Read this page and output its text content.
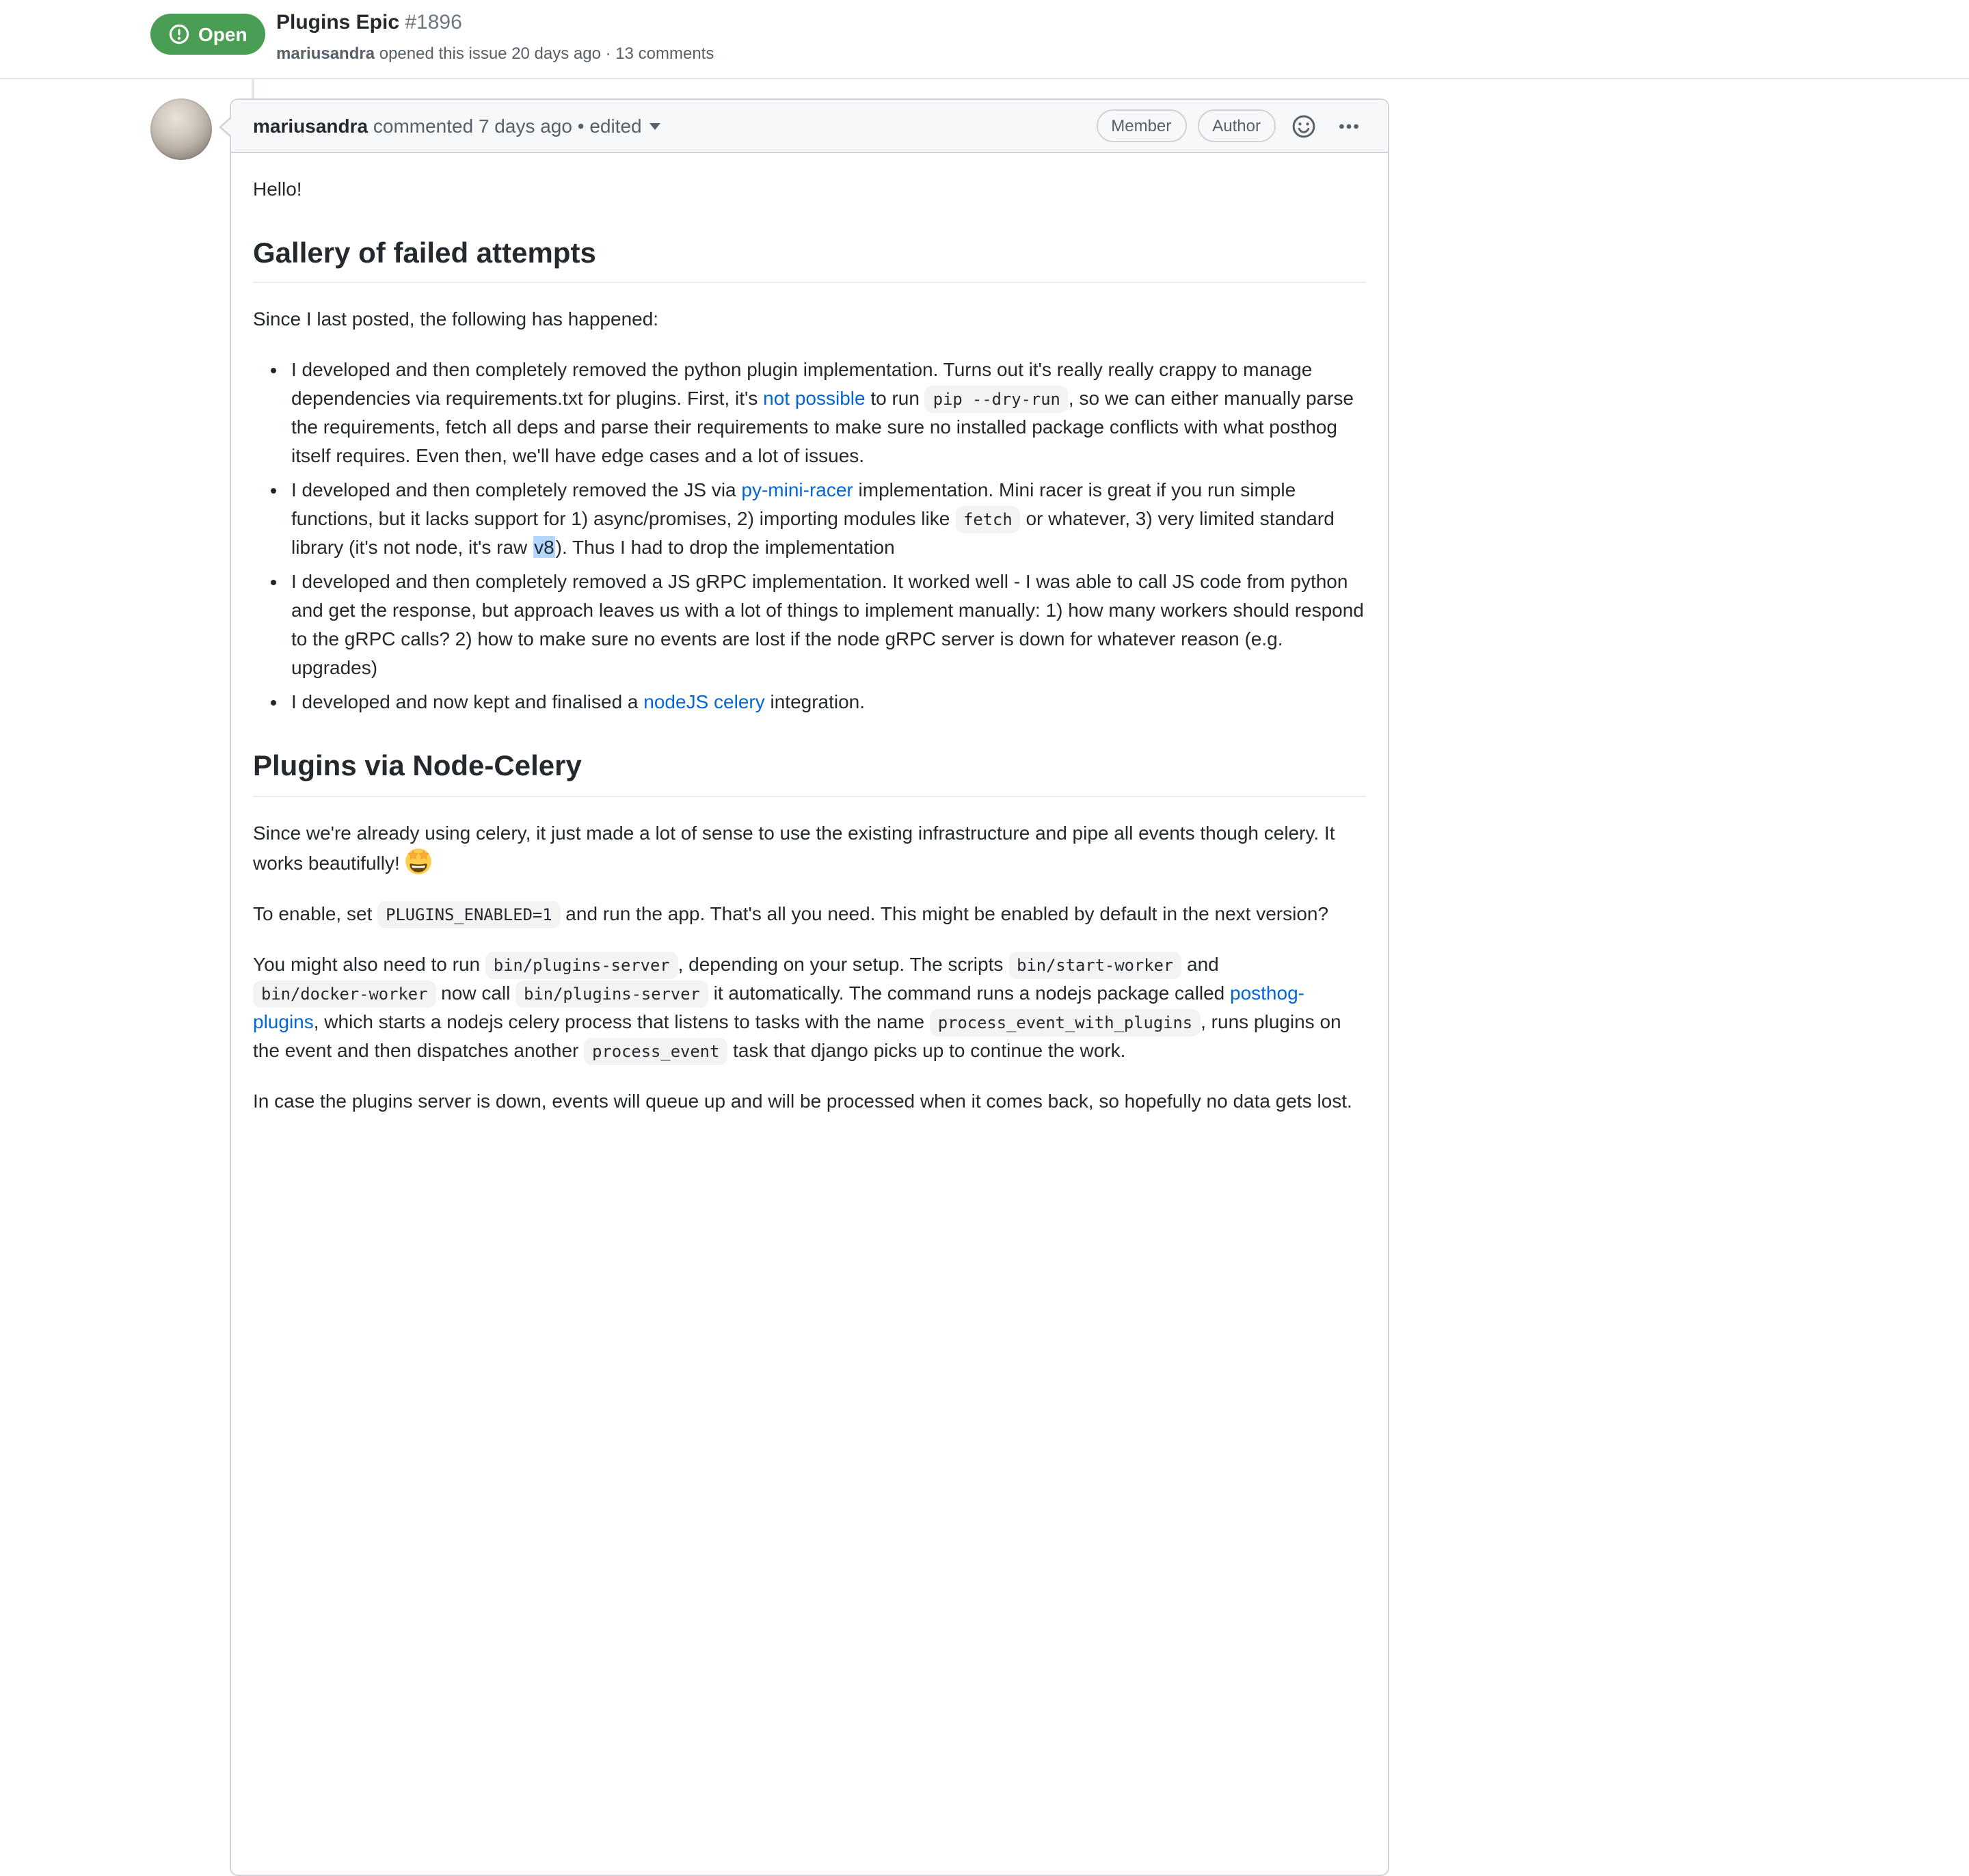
Open	Plugins Epic #1896
mariusandra opened this issue 20 days ago · 13 comments
mariusandra commented 7 days ago • edited	Member	Author

Hello!

Gallery of failed attempts

Since I last posted, the following has happened:

• I developed and then completely removed the python plugin implementation. Turns out it's really really crappy to manage dependencies via requirements.txt for plugins. First, it's not possible to run pip --dry-run , so we can either manually parse the requirements, fetch all deps and parse their requirements to make sure no installed package conflicts with what posthog itself requires. Even then, we'll have edge cases and a lot of issues.
• I developed and then completely removed the JS via py-mini-racer implementation. Mini racer is great if you run simple functions, but it lacks support for 1) async/promises, 2) importing modules like fetch or whatever, 3) very limited standard library (it's not node, it's raw v8 ). Thus I had to drop the implementation
• I developed and then completely removed a JS gRPC implementation. It worked well - I was able to call JS code from python and get the response, but approach leaves us with a lot of things to implement manually: 1) how many workers should respond to the gRPC calls? 2) how to make sure no events are lost if the node gRPC server is down for whatever reason (e.g. upgrades)
• I developed and now kept and finalised a nodeJS celery integration.
Plugins via Node-Celery

Since we're already using celery, it just made a lot of sense to use the existing infrastructure and pipe all events though celery. It works beautifully!

To enable, set PLUGINS_ENABLED=1 and run the app. That's all you need. This might be enabled by default in the next version?

You might also need to run bin/plugins-server , depending on your setup. The scripts bin/start-worker and bin/docker-worker now call bin/plugins-server it automatically. The command runs a nodejs package called posthog-plugins, which starts a nodejs celery process that listens to tasks with the name process_event_with_plugins , runs plugins on the event and then dispatches another process_event task that django picks up to continue the work.

In case the plugins server is down, events will queue up and will be processed when it comes back, so hopefully no data gets lost.
